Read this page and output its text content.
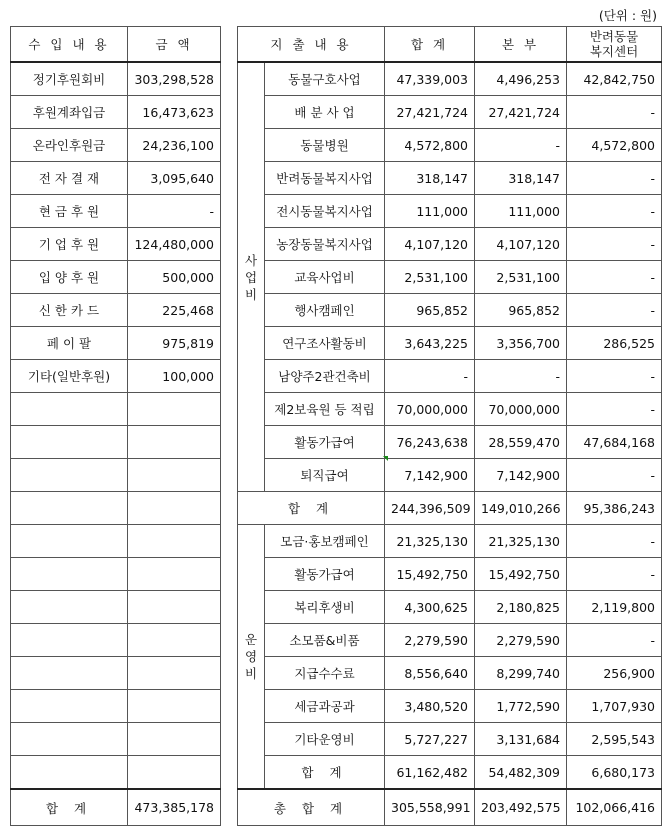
(단위 : 원)
수 입 내 용	금 액
정기후원회비	303,298,528
후원계좌입금	16,473,623
온라인후원금	24,236,100
전 자 결 재	3,095,640
현 금 후 원	-
기 업 후 원	124,480,000
입 양 후 원	500,000
신 한 카 드	225,468
페 이 팔	975,819
기타(일반후원)	100,000

합 계	473,385,178
지 출 내 용		합 계	본 부	반려동물
복지센터

사
업
비	동물구호사업	47,339,003	4,496,253	42,842,750
	배 분 사 업	27,421,724	27,421,724	-
	동물병원	4,572,800	-	4,572,800
	반려동물복지사업	318,147	318,147	-
	전시동물복지사업	111,000	111,000	-
	농장동물복지사업	4,107,120	4,107,120	-
	교육사업비	2,531,100	2,531,100	-
	행사캠페인	965,852	965,852	-
	연구조사활동비	3,643,225	3,356,700	286,525
	남양주2관건축비	-	-	-
	제2보육원 등 적립	70,000,000	70,000,000	-
	활동가급여	76,243,638	28,559,470	47,684,168
	퇴직급여	7,142,900	7,142,900	-
합 계		244,396,509	149,010,266	95,386,243

운
영
비	모금·홍보캠페인	21,325,130	21,325,130	-
	활동가급여	15,492,750	15,492,750	-
	복리후생비	4,300,625	2,180,825	2,119,800
	소모품&비품	2,279,590	2,279,590	-
	지급수수료	8,556,640	8,299,740	256,900
	세금과공과	3,480,520	1,772,590	1,707,930
	기타운영비	5,727,227	3,131,684	2,595,543
	합 계	61,162,482	54,482,309	6,680,173
총 합 계		305,558,991	203,492,575	102,066,416
